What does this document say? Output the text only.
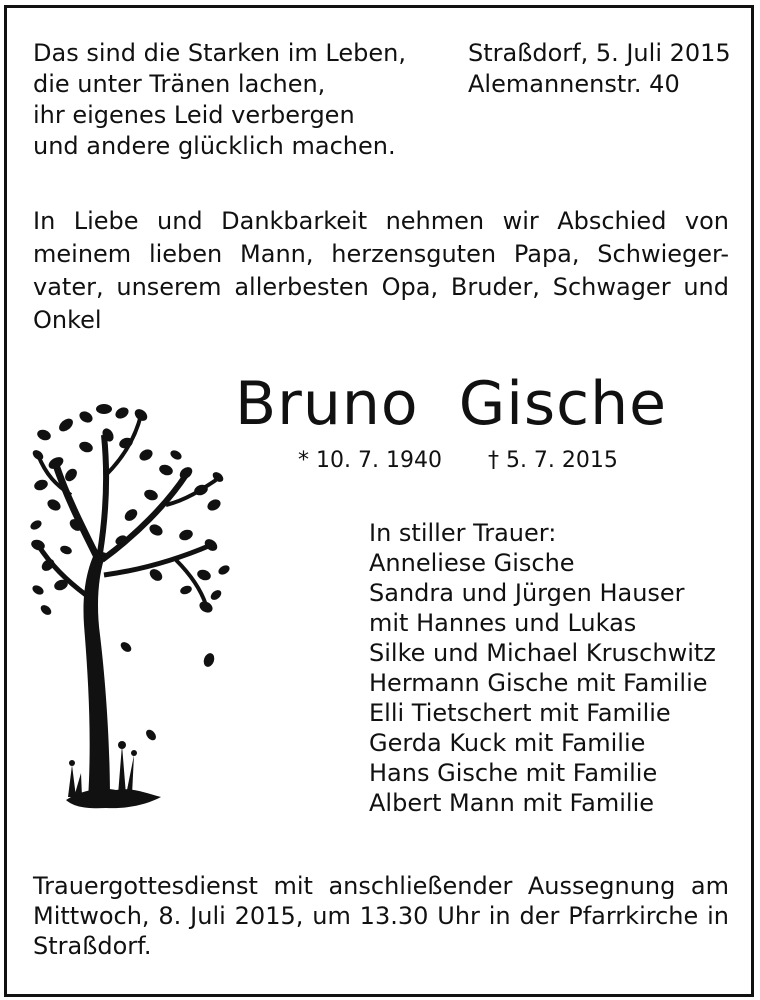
Das sind die Starken im Leben,
die unter Tränen lachen,
ihr eigenes Leid verbergen
und andere glücklich machen.
Straßdorf, 5. Juli 2015
Alemannenstr. 40
In Liebe und Dankbarkeit nehmen wir Abschied von meinem lieben Mann, herzensguten Papa, Schwieger-vater, unserem allerbesten Opa, Bruder, Schwager und Onkel
Bruno  Gische
* 10. 7. 1940 † 5. 7. 2015
In stiller Trauer:
Anneliese Gische
Sandra und Jürgen Hauser
mit Hannes und Lukas
Silke und Michael Kruschwitz
Hermann Gische mit Familie
Elli Tietschert mit Familie
Gerda Kuck mit Familie
Hans Gische mit Familie
Albert Mann mit Familie
Trauergottesdienst mit anschließender Aussegnung am Mittwoch, 8. Juli 2015, um 13.30 Uhr in der Pfarrkirche in Straßdorf.
